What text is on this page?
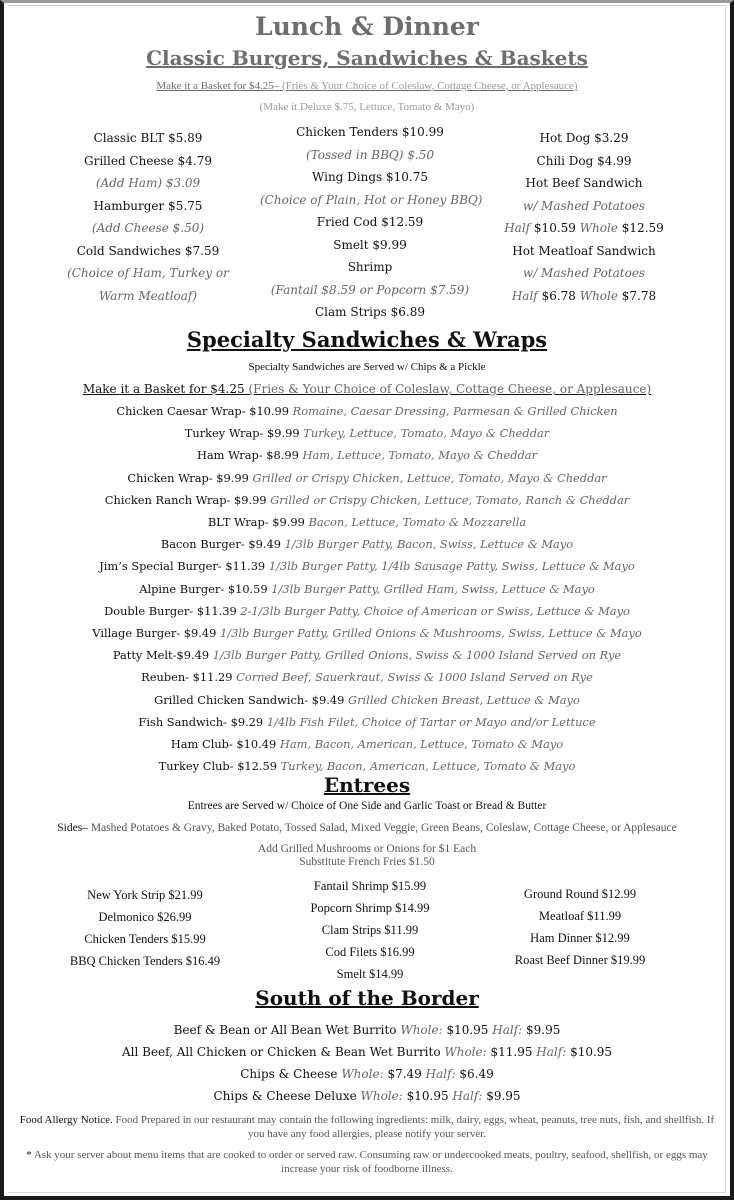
Lunch & Dinner
Classic Burgers, Sandwiches & Baskets
Make it a Basket for $4.25– (Fries & Your Choice of Coleslaw, Cottage Cheese, or Applesauce)
(Make it Deluxe $.75, Lettuce, Tomato & Mayo)
Classic BLT $5.89
Grilled Cheese $4.79
(Add Ham) $3.09
Hamburger $5.75
(Add Cheese $.50)
Cold Sandwiches $7.59
(Choice of Ham, Turkey or
Warm Meatloaf)
Chicken Tenders $10.99
(Tossed in BBQ) $.50
Wing Dings $10.75
(Choice of Plain, Hot or Honey BBQ)
Fried Cod $12.59
Smelt $9.99
Shrimp
(Fantail $8.59 or Popcorn $7.59)
Clam Strips $6.89
Hot Dog $3.29
Chili Dog $4.99
Hot Beef Sandwich
w/ Mashed Potatoes
Half $10.59 Whole $12.59
Hot Meatloaf Sandwich
w/ Mashed Potatoes
Half $6.78 Whole $7.78
Specialty Sandwiches & Wraps
Specialty Sandwiches are Served w/ Chips & a Pickle
Make it a Basket for $4.25 (Fries & Your Choice of Coleslaw, Cottage Cheese, or Applesauce)
Chicken Caesar Wrap- $10.99 Romaine, Caesar Dressing, Parmesan & Grilled Chicken
Turkey Wrap- $9.99 Turkey, Lettuce, Tomato, Mayo & Cheddar
Ham Wrap- $8.99 Ham, Lettuce, Tomato, Mayo & Cheddar
Chicken Wrap- $9.99 Grilled or Crispy Chicken, Lettuce, Tomato, Mayo & Cheddar
Chicken Ranch Wrap- $9.99 Grilled or Crispy Chicken, Lettuce, Tomato, Ranch & Cheddar
BLT Wrap- $9.99 Bacon, Lettuce, Tomato & Mozzarella
Bacon Burger- $9.49 1/3lb Burger Patty, Bacon, Swiss, Lettuce & Mayo
Jim’s Special Burger- $11.39 1/3lb Burger Patty, 1/4lb Sausage Patty, Swiss, Lettuce & Mayo
Alpine Burger- $10.59 1/3lb Burger Patty, Grilled Ham, Swiss, Lettuce & Mayo
Double Burger- $11.39 2-1/3lb Burger Patty, Choice of American or Swiss, Lettuce & Mayo
Village Burger- $9.49 1/3lb Burger Patty, Grilled Onions & Mushrooms, Swiss, Lettuce & Mayo
Patty Melt-$9.49 1/3lb Burger Patty, Grilled Onions, Swiss & 1000 Island Served on Rye
Reuben- $11.29 Corned Beef, Sauerkraut, Swiss & 1000 Island Served on Rye
Grilled Chicken Sandwich- $9.49 Grilled Chicken Breast, Lettuce & Mayo
Fish Sandwich- $9.29 1/4lb Fish Filet, Choice of Tartar or Mayo and/or Lettuce
Ham Club- $10.49 Ham, Bacon, American, Lettuce, Tomato & Mayo
Turkey Club- $12.59 Turkey, Bacon, American, Lettuce, Tomato & Mayo
Entrees
Entrees are Served w/ Choice of One Side and Garlic Toast or Bread & Butter
Sides– Mashed Potatoes & Gravy, Baked Potato, Tossed Salad, Mixed Veggie, Green Beans, Coleslaw, Cottage Cheese, or Applesauce
Add Grilled Mushrooms or Onions for $1 Each
Substitute French Fries $1.50
New York Strip $21.99
Delmonico $26.99
Chicken Tenders $15.99
BBQ Chicken Tenders $16.49
Fantail Shrimp $15.99
Popcorn Shrimp $14.99
Clam Strips $11.99
Cod Filets $16.99
Smelt $14.99
Ground Round $12.99
Meatloaf $11.99
Ham Dinner $12.99
Roast Beef Dinner $19.99
South of the Border
Beef & Bean or All Bean Wet Burrito Whole: $10.95 Half: $9.95
All Beef, All Chicken or Chicken & Bean Wet Burrito Whole: $11.95 Half: $10.95
Chips & Cheese Whole: $7.49 Half: $6.49
Chips & Cheese Deluxe Whole: $10.95 Half: $9.95
Food Allergy Notice. Food Prepared in our restaurant may contain the following ingredients: milk, dairy, eggs, wheat, peanuts, tree nuts, fish, and shellfish. If you have any food allergies, please notify your server.
* Ask your server about menu items that are cooked to order or served raw. Consuming raw or undercooked meats, poultry, seafood, shellfish, or eggs may increase your risk of foodborne illness.
